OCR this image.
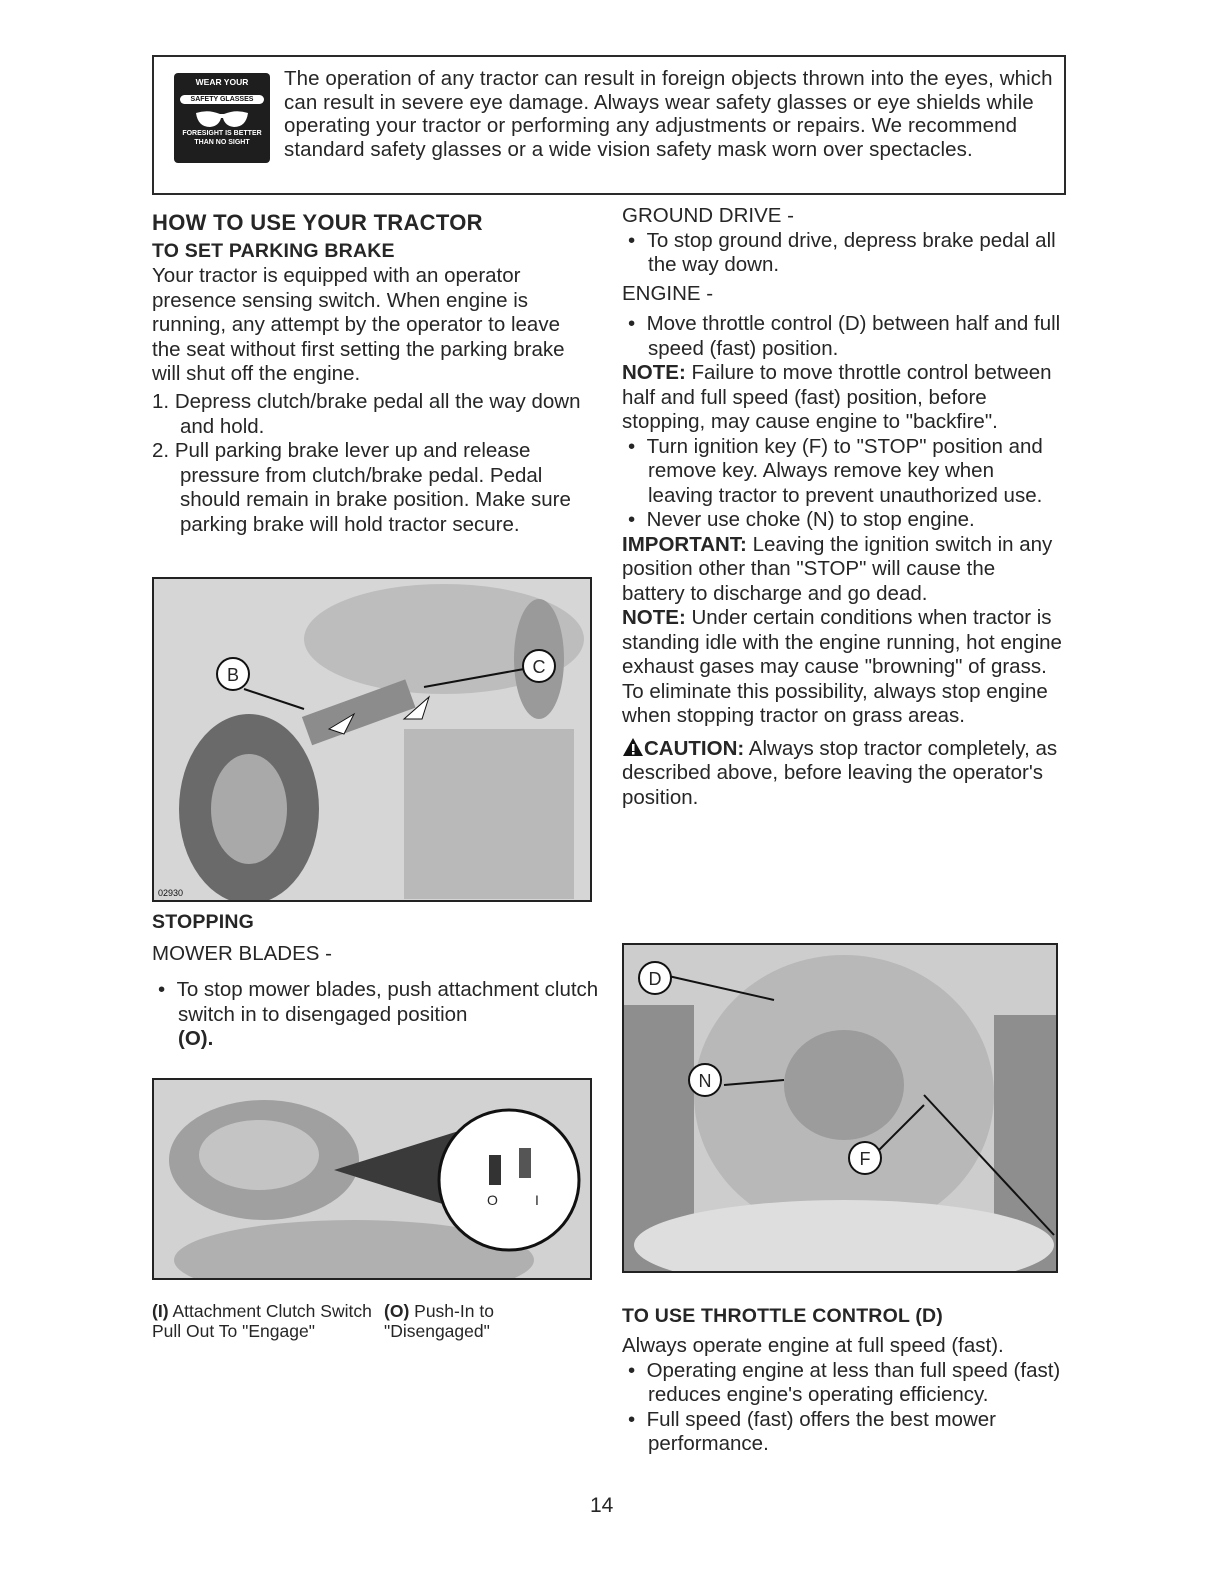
WEAR YOUR
SAFETY GLASSES
FORESIGHT IS BETTER THAN NO SIGHT

The operation of any tractor can result in foreign objects thrown into the eyes, which can result in severe eye damage. Always wear safety glasses or eye shields while operating your tractor or performing any adjustments or repairs. We recommend standard safety glasses or a wide vision safety mask worn over spectacles.

HOW TO USE YOUR TRACTOR
TO SET PARKING BRAKE

Your tractor is equipped with an operator presence sensing switch. When engine is running, any attempt by the operator to leave the seat without first setting the parking brake will shut off the engine.

1. Depress clutch/brake pedal all the way down and hold.

2. Pull parking brake lever up and release pressure from clutch/brake pedal. Pedal should remain in brake position. Make sure parking brake will hold tractor secure.

B	C
02930
STOPPING

MOWER BLADES -

•  To stop mower blades, push attachment clutch switch in to disengaged position
(O).
O	I
(I) Attachment Clutch Switch Pull Out To "Engage"
(O) Push-In to "Disengaged"

GROUND DRIVE -

•  To stop ground drive, depress brake pedal all the way down.

ENGINE -

•  Move throttle control (D) between half and full speed (fast) position.

NOTE: Failure to move throttle control between half and full speed (fast) position, before stopping, may cause engine to "backfire".

•  Turn ignition key (F) to "STOP" position and remove key. Always remove key when leaving tractor to prevent unauthorized use.

•  Never use choke (N) to stop engine.

IMPORTANT: Leaving the ignition switch in any position other than "STOP" will cause the battery to discharge and go dead.

NOTE: Under certain conditions when tractor is standing idle with the engine running, hot engine exhaust gases may cause "browning" of grass. To eliminate this possibility, always stop engine when stopping tractor on grass areas.

CAUTION: Always stop tractor completely, as described above, before leaving the operator's position.

D
N
F
TO USE THROTTLE CONTROL (D)

Always operate engine at full speed (fast).

•  Operating engine at less than full speed (fast) reduces engine's operating efficiency.

•  Full speed (fast) offers the best mower performance.

14
